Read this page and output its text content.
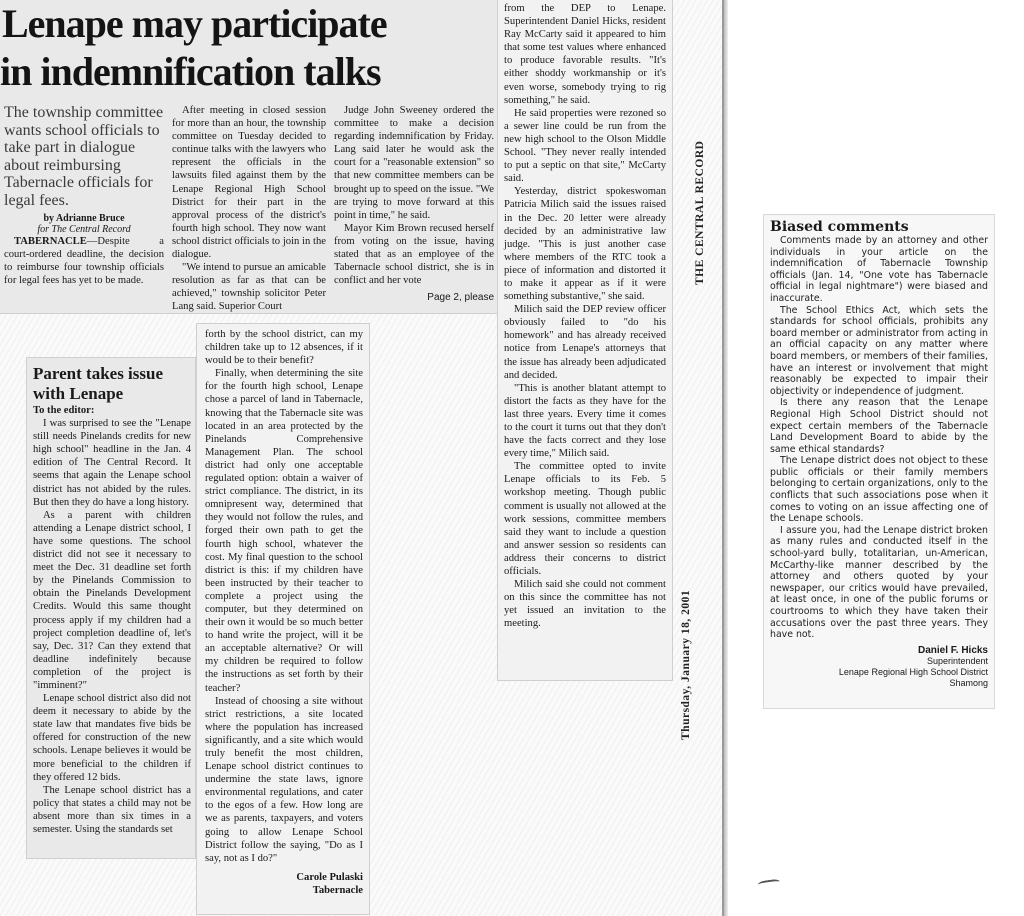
Lenape may participate
in indemnification talks

The township committee wants school officials to take part in dialogue about reimbursing Tabernacle officials for legal fees.

by Adrianne Bruce
for The Central Record

TABERNACLE—Despite a court-ordered deadline, the decision to reimburse four township officials for legal fees has yet to be made.

After meeting in closed session for more than an hour, the township committee on Tuesday decided to continue talks with the lawyers who represent the officials in the lawsuits filed against them by the Lenape Regional High School District for their part in the approval process of the district's fourth high school. They now want school district officials to join in the dialogue.

"We intend to pursue an amicable resolution as far as that can be achieved," township solicitor Peter Lang said. Superior Court

Judge John Sweeney ordered the committee to make a decision regarding indemnification by Friday. Lang said later he would ask the court for a "reasonable extension" so that new committee members can be brought up to speed on the issue. "We are trying to move forward at this point in time," he said.

Mayor Kim Brown recused herself from voting on the issue, having stated that as an employee of the Tabernacle school district, she is in conflict and her vote

Page 2, please

from the DEP to Lenape. Superintendent Daniel Hicks, resident Ray McCarty said it appeared to him that some test values where enhanced to produce favorable results. "It's either shoddy workmanship or it's even worse, somebody trying to rig something," he said.

He said properties were rezoned so a sewer line could be run from the new high school to the Olson Middle School. "They never really intended to put a septic on that site," McCarty said.

Yesterday, district spokeswoman Patricia Milich said the issues raised in the Dec. 20 letter were already decided by an administrative law judge. "This is just another case where members of the RTC took a piece of information and distorted it to make it appear as if it were something substantive," she said.

Milich said the DEP review officer obviously failed to "do his homework" and has already received notice from Lenape's attorneys that the issue has already been adjudicated and decided.

"This is another blatant attempt to distort the facts as they have for the last three years. Every time it comes to the court it turns out that they don't have the facts correct and they lose every time," Milich said.

The committee opted to invite Lenape officials to its Feb. 5 workshop meeting. Though public comment is usually not allowed at the work sessions, committee members said they want to include a question and answer session so residents can address their concerns to district officials.

Milich said she could not comment on this since the committee has not yet issued an invitation to the meeting.

THE CENTRAL RECORD
Thursday, January 18, 2001
Parent takes issue with Lenape

To the editor:

I was surprised to see the "Lenape still needs Pinelands credits for new high school" headline in the Jan. 4 edition of The Central Record. It seems that again the Lenape school district has not abided by the rules. But then they do have a long history.

As a parent with children attending a Lenape district school, I have some questions. The school district did not see it necessary to meet the Dec. 31 deadline set forth by the Pinelands Commission to obtain the Pinelands Development Credits. Would this same thought process apply if my children had a project completion deadline of, let's say, Dec. 31? Can they extend that deadline indefinitely because completion of the project is "imminent?"

Lenape school district also did not deem it necessary to abide by the state law that mandates five bids be offered for construction of the new schools. Lenape believes it would be more beneficial to the children if they offered 12 bids.

The Lenape school district has a policy that states a child may not be absent more than six times in a semester. Using the standards set

forth by the school district, can my children take up to 12 absences, if it would be to their benefit?

Finally, when determining the site for the fourth high school, Lenape chose a parcel of land in Tabernacle, knowing that the Tabernacle site was located in an area protected by the Pinelands Comprehensive Management Plan. The school district had only one acceptable regulated option: obtain a waiver of strict compliance. The district, in its omnipresent way, determined that they would not follow the rules, and forged their own path to get the fourth high school, whatever the cost. My final question to the school district is this: if my children have been instructed by their teacher to complete a project using the computer, but they determined on their own it would be so much better to hand write the project, will it be an acceptable alternative? Or will my children be required to follow the instructions as set forth by their teacher?

Instead of choosing a site without strict restrictions, a site located where the population has increased significantly, and a site which would truly benefit the most children, Lenape school district continues to undermine the state laws, ignore environmental regulations, and cater to the egos of a few. How long are we as parents, taxpayers, and voters going to allow Lenape School District follow the saying, "Do as I say, not as I do?"

Carole Pulaski

Tabernacle

Biased comments

Comments made by an attorney and other individuals in your article on the indemnification of Tabernacle Township officials (Jan. 14, "One vote has Tabernacle official in legal nightmare") were biased and inaccurate.

The School Ethics Act, which sets the standards for school officials, prohibits any board member or administrator from acting in an official capacity on any matter where board members, or members of their families, have an interest or involvement that might reasonably be expected to impair their objectivity or independence of judgment.

Is there any reason that the Lenape Regional High School District should not expect certain members of the Tabernacle Land Development Board to abide by the same ethical standards?

The Lenape district does not object to these public officials or their family members belonging to certain organizations, only to the conflicts that such associations pose when it comes to voting on an issue affecting one of the Lenape schools.

I assure you, had the Lenape district broken as many rules and conducted itself in the school-yard bully, totalitarian, un-American, McCarthy-like manner described by the attorney and others quoted by your newspaper, our critics would have prevailed, at least once, in one of the public forums or courtrooms to which they have taken their accusations over the past three years. They have not.

Daniel F. Hicks
Superintendent
Lenape Regional High School District
Shamong
